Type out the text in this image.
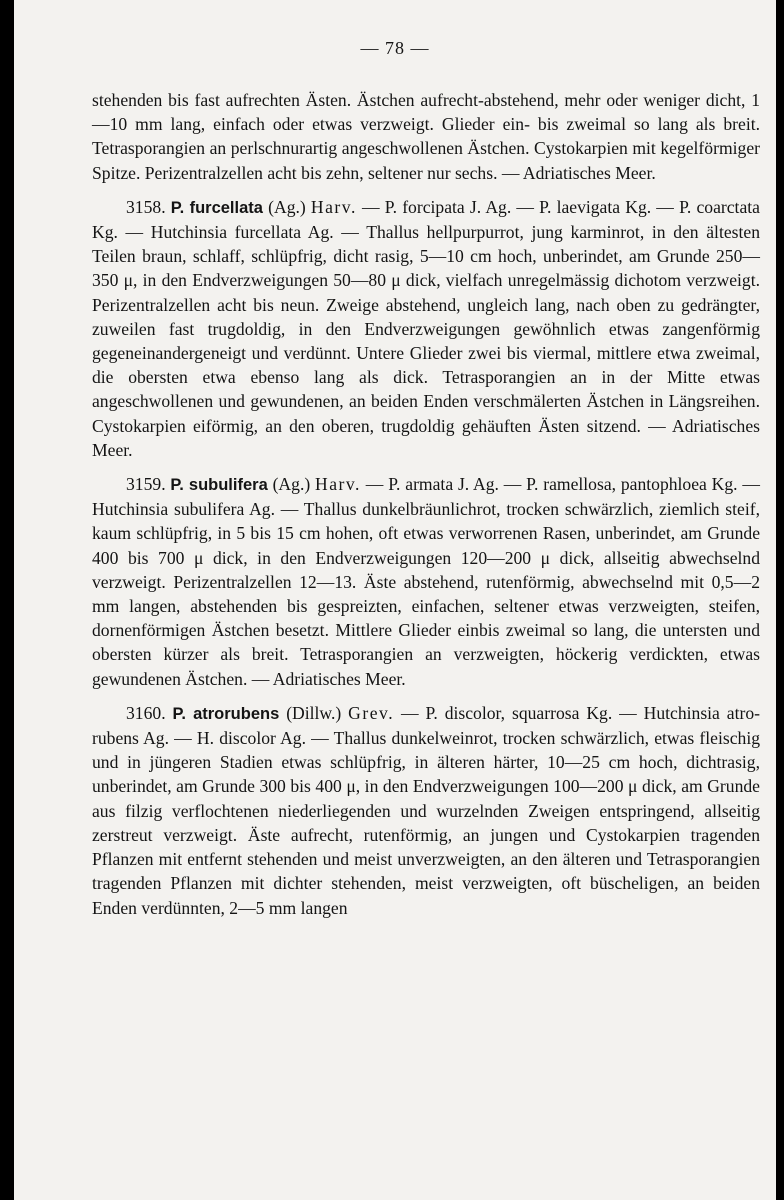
— 78 —

stehenden bis fast aufrechten Ästen. Ästchen aufrecht-abstehend, mehr oder weniger dicht, 1—10 mm lang, einfach oder etwas verzweigt. Glieder ein- bis zweimal so lang als breit. Tetrasporangien an perlschnurartig angeschwollenen Ästchen. Cystokarpien mit kegelförmiger Spitze. Perizentralzellen acht bis zehn, seltener nur sechs. — Adriatisches Meer.

3158. P. furcellata (Ag.) Harv. — P. forcipata J. Ag. — P. laevigata Kg. — P. coarctata Kg. — Hutchinsia furcellata Ag. — Thallus hellpurpurrot, jung karminrot, in den ältesten Teilen braun, schlaff, schlüpfrig, dicht rasig, 5—10 cm hoch, unberindet, am Grunde 250—350 μ, in den Endverzweigungen 50—80 μ dick, vielfach unregelmässig dichotom verzweigt. Perizentralzellen acht bis neun. Zweige abstehend, ungleich lang, nach oben zu gedrängter, zuweilen fast trugdoldig, in den Endverzweigungen gewöhnlich etwas zangenförmig gegeneinandergeneigt und verdünnt. Untere Glieder zwei bis viermal, mittlere etwa zweimal, die obersten etwa ebenso lang als dick. Tetrasporangien an in der Mitte etwas angeschwollenen und gewundenen, an beiden Enden verschmälerten Ästchen in Längsreihen. Cystokarpien eiförmig, an den oberen, trugdoldig gehäuften Ästen sitzend. — Adriatisches Meer.

3159. P. subulifera (Ag.) Harv. — P. armata J. Ag. — P. ramellosa, pantophloea Kg. — Hutchinsia subulifera Ag. — Thallus dunkelbräunlichrot, trocken schwärzlich, ziemlich steif, kaum schlüpfrig, in 5 bis 15 cm hohen, oft etwas verworrenen Rasen, unberindet, am Grunde 400 bis 700 μ dick, in den Endverzweigungen 120—200 μ dick, allseitig abwechselnd verzweigt. Perizentralzellen 12—13. Äste abstehend, rutenförmig, abwechselnd mit 0,5—2 mm langen, abstehenden bis gespreizten, einfachen, seltener etwas verzweigten, steifen, dornenförmigen Ästchen besetzt. Mittlere Glieder einbis zweimal so lang, die untersten und obersten kürzer als breit. Tetrasporangien an verzweigten, höckerig verdickten, etwas gewundenen Ästchen. — Adriatisches Meer.

3160. P. atrorubens (Dillw.) Grev. — P. discolor, squarrosa Kg. — Hutchinsia atro-rubens Ag. — H. discolor Ag. — Thallus dunkelweinrot, trocken schwärzlich, etwas fleischig und in jüngeren Stadien etwas schlüpfrig, in älteren härter, 10—25 cm hoch, dichtrasig, unberindet, am Grunde 300 bis 400 μ, in den Endverzweigungen 100—200 μ dick, am Grunde aus filzig verflochtenen niederliegenden und wurzelnden Zweigen entspringend, allseitig zerstreut verzweigt. Äste aufrecht, rutenförmig, an jungen und Cystokarpien tragenden Pflanzen mit entfernt stehenden und meist unverzweigten, an den älteren und Tetrasporangien tragenden Pflanzen mit dichter stehenden, meist verzweigten, oft büscheligen, an beiden Enden verdünnten, 2—5 mm langen
